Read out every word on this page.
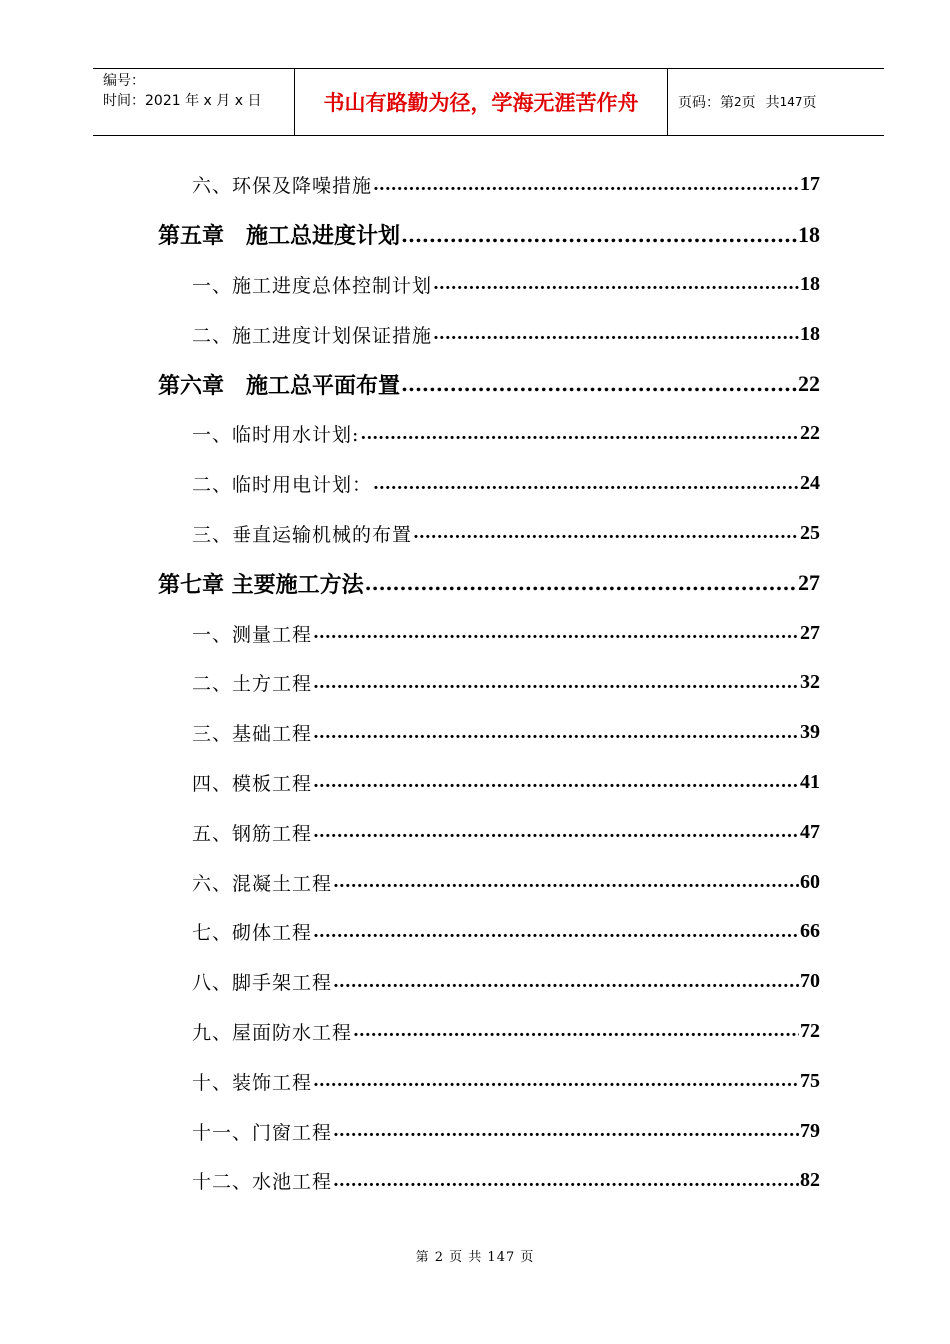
编号：
时间：2021 年 x 月 x 日	书山有路勤为径，学海无涯苦作舟	页码：第 2 页 共 147 页
六、环保及降噪措施 .....	17
第五章　施工总进度计划 .....	18
一、施工进度总体控制计划 .....	18
二、施工进度计划保证措施 .....	18
第六章　施工总平面布置 .....	22
一、临时用水计划: .....	22
二、临时用电计划： .....	24
三、垂直运输机械的布置 .....	25
第七章 主要施工方法 .....	27
一、测量工程 .....	27
二、土方工程 .....	32
三、基础工程 .....	39
四、模板工程 .....	41
五、钢筋工程 .....	47
六、混凝土工程 .....	60
七、砌体工程 .....	66
八、脚手架工程 .....	70
九、屋面防水工程 .....	72
十、装饰工程 .....	75
十一、门窗工程 .....	79
十二、水池工程 .....	82
第 2 页 共 147 页
